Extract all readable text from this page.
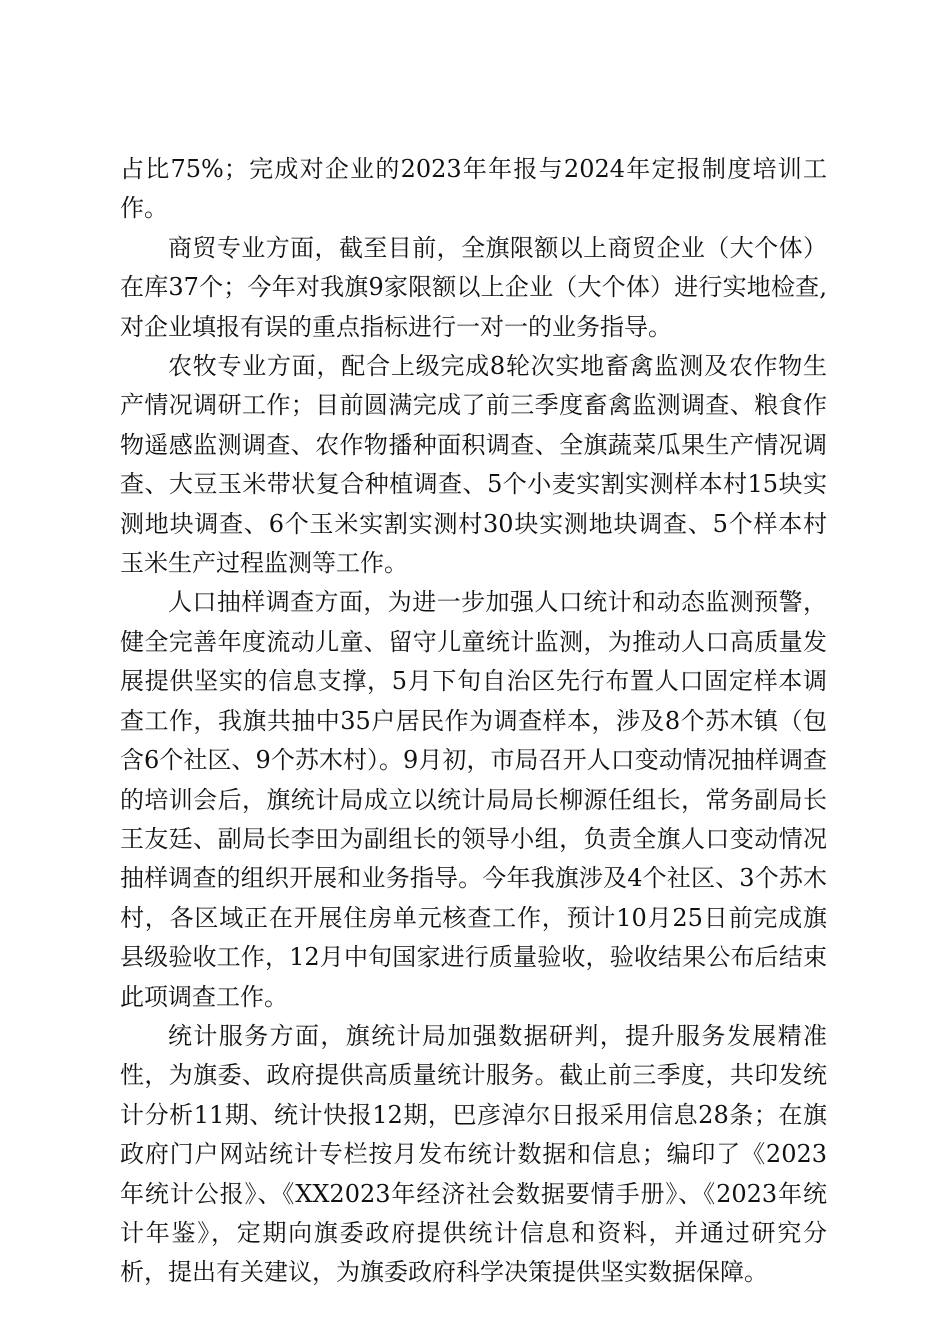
占比75%；完成对企业的2023年年报与2024年定报制度培训工作。

商贸专业方面，截至目前，全旗限额以上商贸企业（大个体）在库37个；今年对我旗9家限额以上企业（大个体）进行实地检查,对企业填报有误的重点指标进行一对一的业务指导。

农牧专业方面，配合上级完成8轮次实地畜禽监测及农作物生产情况调研工作；目前圆满完成了前三季度畜禽监测调查、粮食作物遥感监测调查、农作物播种面积调查、全旗蔬菜瓜果生产情况调查、大豆玉米带状复合种植调查、5个小麦实割实测样本村15块实测地块调查、6个玉米实割实测村30块实测地块调查、5个样本村玉米生产过程监测等工作。

人口抽样调查方面，为进一步加强人口统计和动态监测预警，健全完善年度流动儿童、留守儿童统计监测，为推动人口高质量发展提供坚实的信息支撑，5月下旬自治区先行布置人口固定样本调查工作，我旗共抽中35户居民作为调查样本，涉及8个苏木镇（包含6个社区、9个苏木村）。9月初，市局召开人口变动情况抽样调查的培训会后，旗统计局成立以统计局局长柳源任组长，常务副局长王友廷、副局长李田为副组长的领导小组，负责全旗人口变动情况抽样调查的组织开展和业务指导。今年我旗涉及4个社区、3个苏木村，各区域正在开展住房单元核查工作，预计10月25日前完成旗县级验收工作，12月中旬国家进行质量验收，验收结果公布后结束此项调查工作。

统计服务方面，旗统计局加强数据研判，提升服务发展精准性，为旗委、政府提供高质量统计服务。截止前三季度，共印发统计分析11期、统计快报12期，巴彦淖尔日报采用信息28条；在旗政府门户网站统计专栏按月发布统计数据和信息；编印了《2023年统计公报》、《XX2023年经济社会数据要情手册》、《2023年统计年鉴》，定期向旗委政府提供统计信息和资料，并通过研究分析，提出有关建议，为旗委政府科学决策提供坚实数据保障。
